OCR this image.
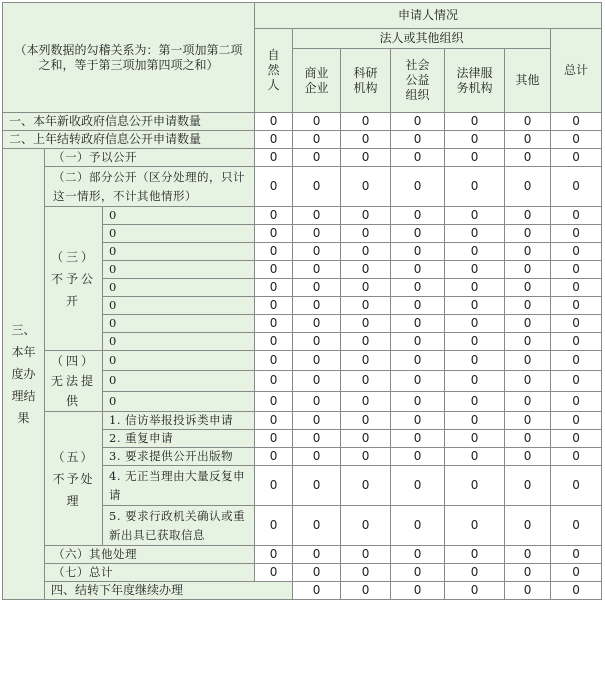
（本列数据的勾稽关系为：第一项加第二项之和，等于第三项加第四项之和）			申请人情况							
			自然人	法人或其他组织					总计	
				商业企业	科研机构	社会公益组织	法律服务机构	其他		
一、本年新收政府信息公开申请数量			0	0	0	0	0	0	0	
二、上年结转政府信息公开申请数量			0	0	0	0	0	0	0	
三、本年度办理结果	（一）予以公开		0	0	0	0	0	0	0	
	（二）部分公开（区分处理的，只计这一情形，不计其他情形）		0	0	0	0	0	0	0	
	（三）不予公开	0	0	0	0	0	0	0	0	
		0	0	0	0	0	0	0	0	
		0	0	0	0	0	0	0	0	
		0	0	0	0	0	0	0	0	
		0	0	0	0	0	0	0	0	
		0	0	0	0	0	0	0	0	
		0	0	0	0	0	0	0	0	
		0	0	0	0	0	0	0	0	
	（四）无法提供	0	0	0	0	0	0	0	0	
		0	0	0	0	0	0	0	0	
		0	0	0	0	0	0	0	0	
	（五）不予处理	1. 信访举报投诉类申请	0	0	0	0	0	0	0	
		2. 重复申请	0	0	0	0	0	0	0	
		3. 要求提供公开出版物	0	0	0	0	0	0	0	
		4. 无正当理由大量反复申请	0	0	0	0	0	0	0	
		5. 要求行政机关确认或重新出具已获取信息	0	0	0	0	0	0	0	
	（六）其他处理		0	0	0	0	0	0	0	
	（七）总计		0	0	0	0	0	0	0	
	四、结转下年度继续办理			0	0	0	0	0	0	
